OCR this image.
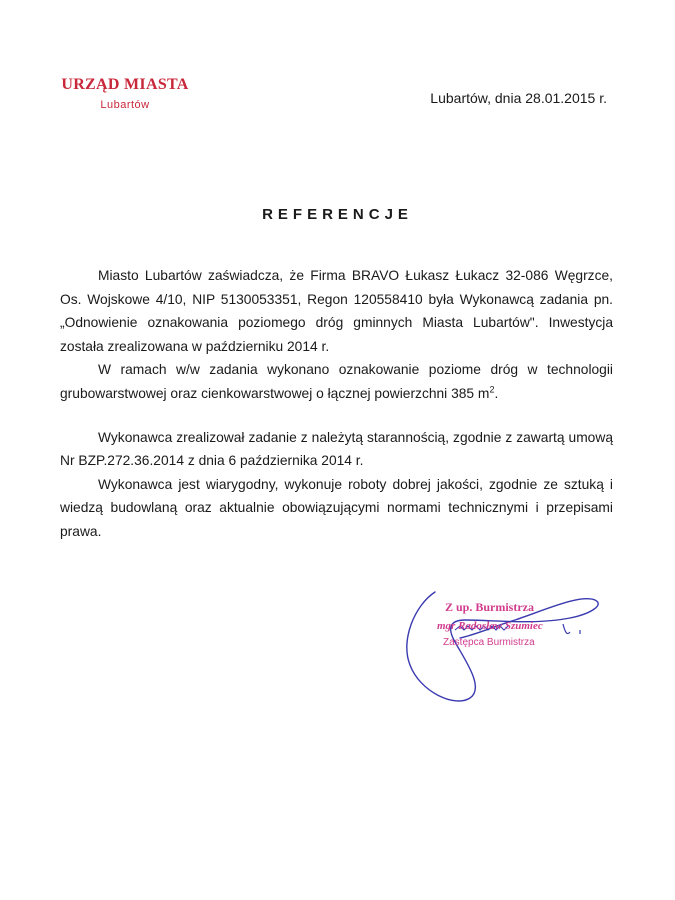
URZĄD MIASTA
Lubartów	Lubartów, dnia 28.01.2015 r.
REFERENCJE

Miasto Lubartów zaświadcza, że Firma BRAVO Łukasz Łukacz 32-086 Węgrzce, Os. Wojskowe 4/10, NIP 5130053351, Regon 120558410 była Wykonawcą zadania pn. „Odnowienie oznakowania poziomego dróg gminnych Miasta Lubartów". Inwestycja została zrealizowana w październiku 2014 r.

W ramach w/w zadania wykonano oznakowanie poziome dróg w technologii grubowarstwowej oraz cienkowarstwowej o łącznej powierzchni 385 $m^2$.

Wykonawca zrealizował zadanie z należytą starannością, zgodnie z zawartą umową Nr BZP.272.36.2014 z dnia 6 października 2014 r.

Wykonawca jest wiarygodny, wykonuje roboty dobrej jakości, zgodnie ze sztuką i wiedzą budowlaną oraz aktualnie obowiązującymi normami technicznymi i przepisami prawa.

Z up. Burmistrza
mgr Radosław Szumiec
Zastępca Burmistrza
